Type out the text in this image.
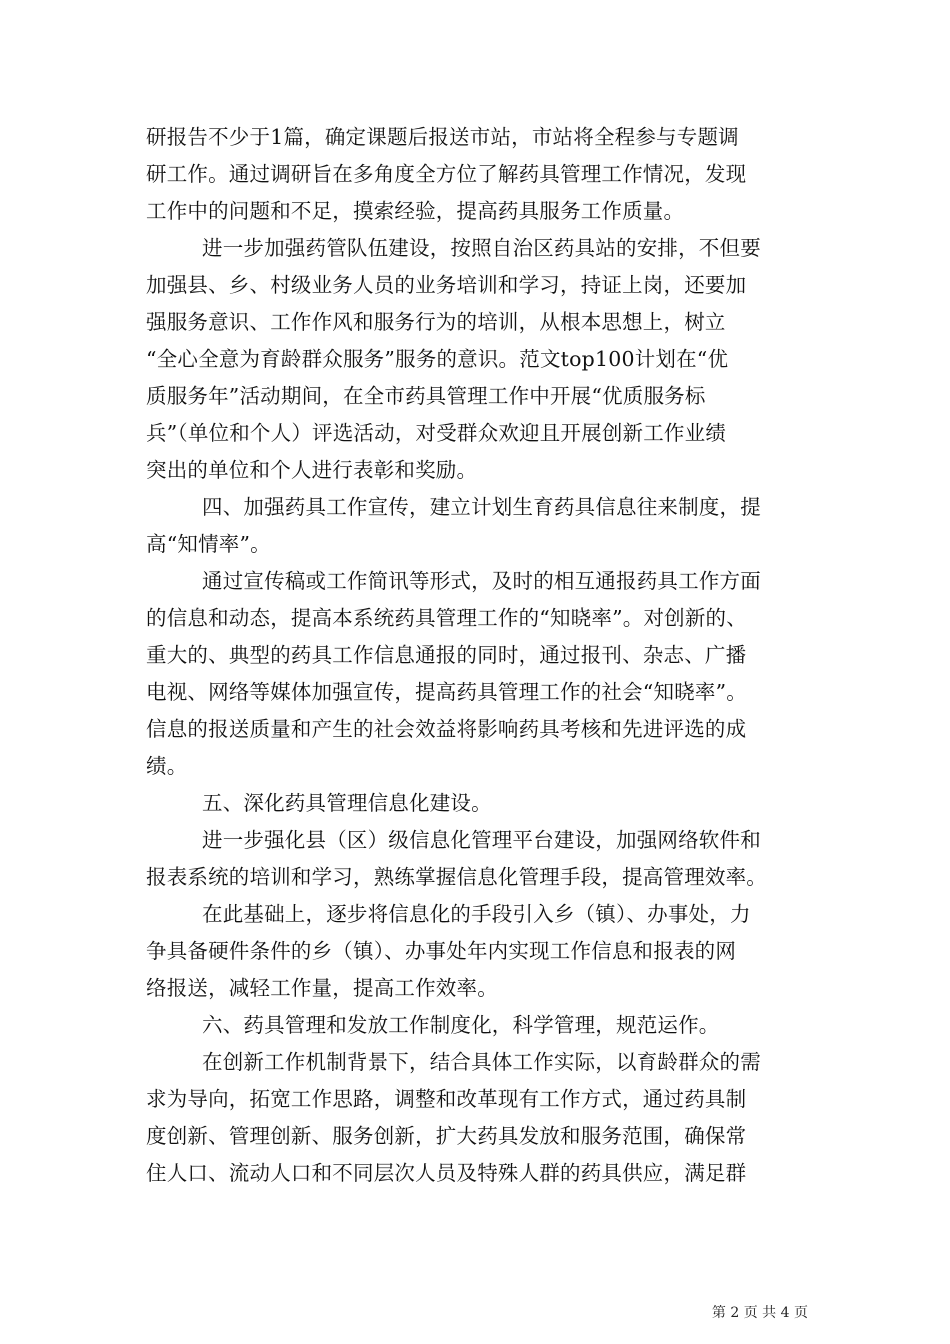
研报告不少于1篇，确定课题后报送市站，市站将全程参与专题调
研工作。通过调研旨在多角度全方位了解药具管理工作情况，发现
工作中的问题和不足，摸索经验，提高药具服务工作质量。
进一步加强药管队伍建设，按照自治区药具站的安排，不但要
加强县、乡、村级业务人员的业务培训和学习，持证上岗，还要加
强服务意识、工作作风和服务行为的培训，从根本思想上，树立
“全心全意为育龄群众服务”服务的意识。范文top100计划在“优
质服务年”活动期间，在全市药具管理工作中开展“优质服务标
兵”（单位和个人）评选活动，对受群众欢迎且开展创新工作业绩
突出的单位和个人进行表彰和奖励。
四、加强药具工作宣传，建立计划生育药具信息往来制度，提
高“知情率”。
通过宣传稿或工作简讯等形式，及时的相互通报药具工作方面
的信息和动态，提高本系统药具管理工作的“知晓率”。对创新的、
重大的、典型的药具工作信息通报的同时，通过报刊、杂志、广播
电视、网络等媒体加强宣传，提高药具管理工作的社会“知晓率”。
信息的报送质量和产生的社会效益将影响药具考核和先进评选的成
绩。
五、深化药具管理信息化建设。
进一步强化县（区）级信息化管理平台建设，加强网络软件和
报表系统的培训和学习，熟练掌握信息化管理手段，提高管理效率。
在此基础上，逐步将信息化的手段引入乡（镇）、办事处，力
争具备硬件条件的乡（镇）、办事处年内实现工作信息和报表的网
络报送，减轻工作量，提高工作效率。
六、药具管理和发放工作制度化，科学管理，规范运作。
在创新工作机制背景下，结合具体工作实际，以育龄群众的需
求为导向，拓宽工作思路，调整和改革现有工作方式，通过药具制
度创新、管理创新、服务创新，扩大药具发放和服务范围，确保常
住人口、流动人口和不同层次人员及特殊人群的药具供应，满足群
第 2 页 共 4 页
